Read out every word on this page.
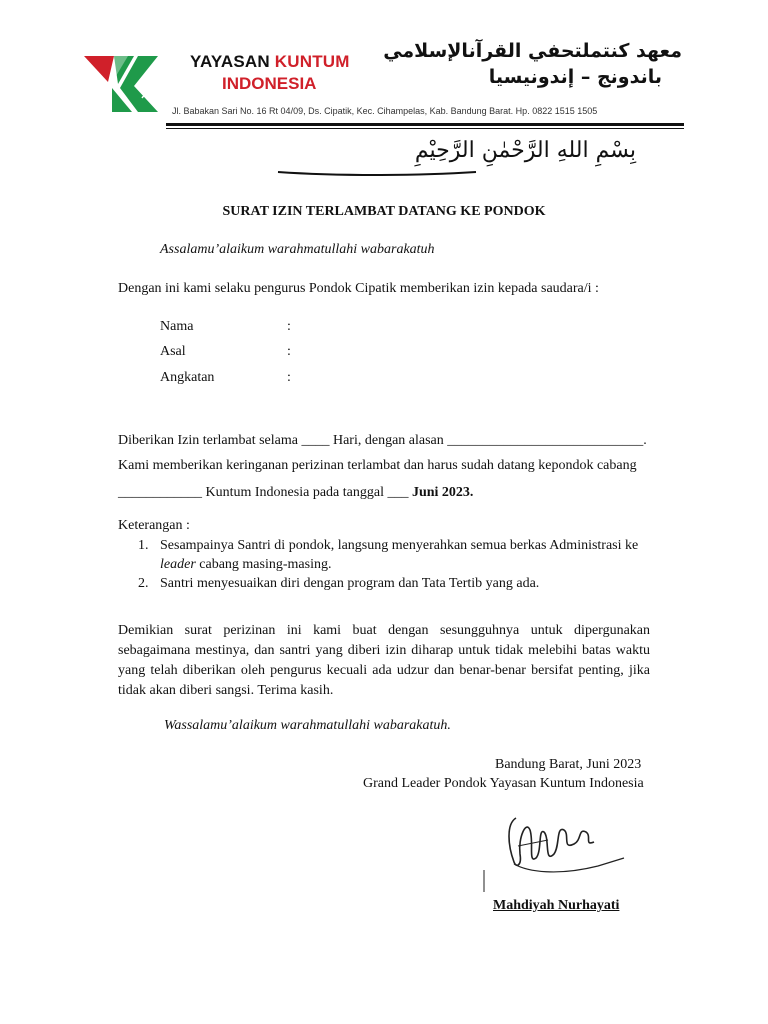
YAYASAN KUNTUM
INDONESIA
معهد كنتملتحفي القرآنالإسلامي
باندونج – إندونيسيا
Jl. Babakan Sari No. 16 Rt 04/09, Ds. Cipatik, Kec. Cihampelas, Kab. Bandung Barat. Hp. 0822 1515 1505
بِسْمِ اللهِ الرَّحْمٰنِ الرَّحِيْمِ
SURAT IZIN TERLAMBAT DATANG KE PONDOK
Assalamu’alaikum warahmatullahi wabarakatuh
Dengan ini kami selaku pengurus Pondok Cipatik memberikan izin kepada saudara/i :
Nama	:
Asal	:
Angkatan	:
Diberikan Izin terlambat selama ____ Hari, dengan alasan ____________________________.
Kami memberikan keringanan perizinan terlambat dan harus sudah datang kepondok cabang
____________ Kuntum Indonesia pada tanggal ___ Juni 2023.
Keterangan :
1. Sesampainya Santri di pondok, langsung menyerahkan semua berkas Administrasi ke
leader cabang masing-masing.
2. Santri menyesuaikan diri dengan program dan Tata Tertib yang ada.
Demikian surat perizinan ini kami buat dengan sesungguhnya untuk dipergunakan sebagaimana mestinya, dan santri yang diberi izin diharap untuk tidak melebihi batas waktu yang telah diberikan oleh pengurus kecuali ada udzur dan benar-benar bersifat penting, jika tidak akan diberi sangsi. Terima kasih.
Wassalamu’alaikum warahmatullahi wabarakatuh.
Bandung Barat, Juni 2023
Grand Leader Pondok Yayasan Kuntum Indonesia
Mahdiyah Nurhayati
